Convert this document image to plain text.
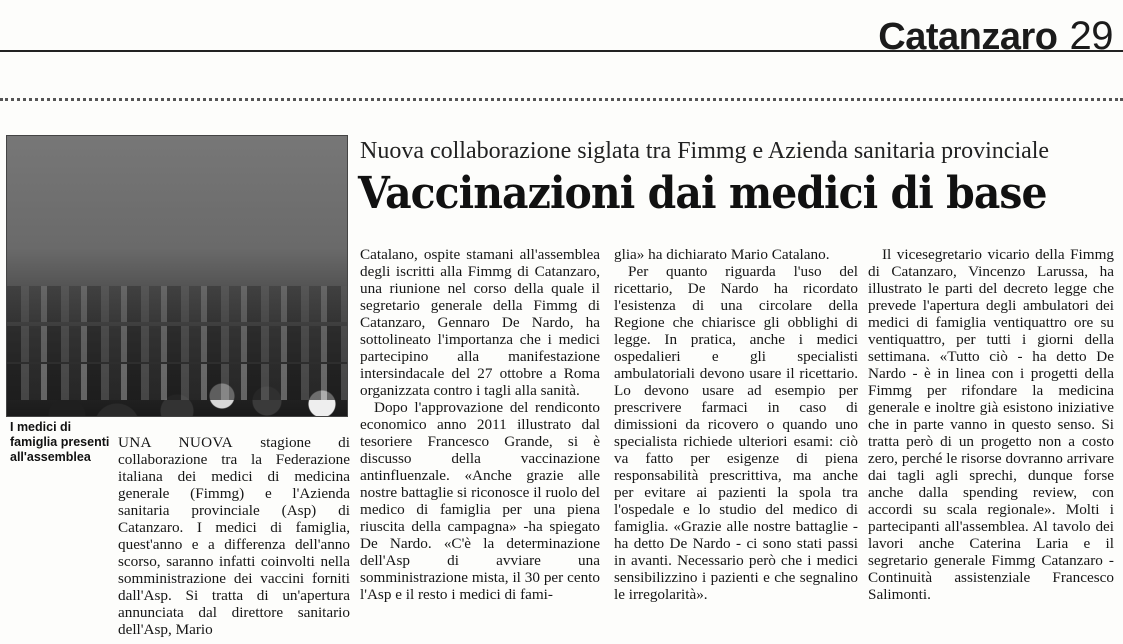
Catanzaro 29
I medici di famiglia presenti all'assemblea
Nuova collaborazione siglata tra Fimmg e Azienda sanitaria provinciale
Vaccinazioni dai medici di base

UNA NUOVA stagione di collaborazione tra la Federazione italiana dei medici di medicina generale (Fimmg) e l'Azienda sanitaria provinciale (Asp) di Catanzaro. I medici di famiglia, quest'anno e a differenza dell'anno scorso, saranno infatti coinvolti nella somministrazione dei vaccini forniti dall'Asp. Si tratta di un'apertura annunciata dal direttore sanitario dell'Asp, Mario

Catalano, ospite stamani all'assemblea degli iscritti alla Fimmg di Catanzaro, una riunione nel corso della quale il segretario generale della Fimmg di Catanzaro, Gennaro De Nardo, ha sottolineato l'importanza che i medici partecipino alla manifestazione intersindacale del 27 ottobre a Roma organizzata contro i tagli alla sanità.

Dopo l'approvazione del rendiconto economico anno 2011 illustrato dal tesoriere Francesco Grande, si è discusso della vaccinazione antinfluenzale. «Anche grazie alle nostre battaglie si riconosce il ruolo del medico di famiglia per una piena riuscita della campagna» -ha spiegato De Nardo. «C'è la determinazione dell'Asp di avviare una somministrazione mista, il 30 per cento l'Asp e il resto i medici di fami-

glia» ha dichiarato Mario Catalano.

Per quanto riguarda l'uso del ricettario, De Nardo ha ricordato l'esistenza di una circolare della Regione che chiarisce gli obblighi di legge. In pratica, anche i medici ospedalieri e gli specialisti ambulatoriali devono usare il ricettario. Lo devono usare ad esempio per prescrivere farmaci in caso di dimissioni da ricovero o quando uno specialista richiede ulteriori esami: ciò va fatto per esigenze di piena responsabilità prescrittiva, ma anche per evitare ai pazienti la spola tra l'ospedale e lo studio del medico di famiglia. «Grazie alle nostre battaglie - ha detto De Nardo - ci sono stati passi in avanti. Necessario però che i medici sensibilizzino i pazienti e che segnalino le irregolarità».

Il vicesegretario vicario della Fimmg di Catanzaro, Vincenzo Larussa, ha illustrato le parti del decreto legge che prevede l'apertura degli ambulatori dei medici di famiglia ventiquattro ore su ventiquattro, per tutti i giorni della settimana. «Tutto ciò - ha detto De Nardo - è in linea con i progetti della Fimmg per rifondare la medicina generale e inoltre già esistono iniziative che in parte vanno in questo senso. Si tratta però di un progetto non a costo zero, perché le risorse dovranno arrivare dai tagli agli sprechi, dunque forse anche dalla spending review, con accordi su scala regionale». Molti i partecipanti all'assemblea. Al tavolo dei lavori anche Caterina Laria e il segretario generale Fimmg Catanzaro - Continuità assistenziale Francesco Salimonti.
